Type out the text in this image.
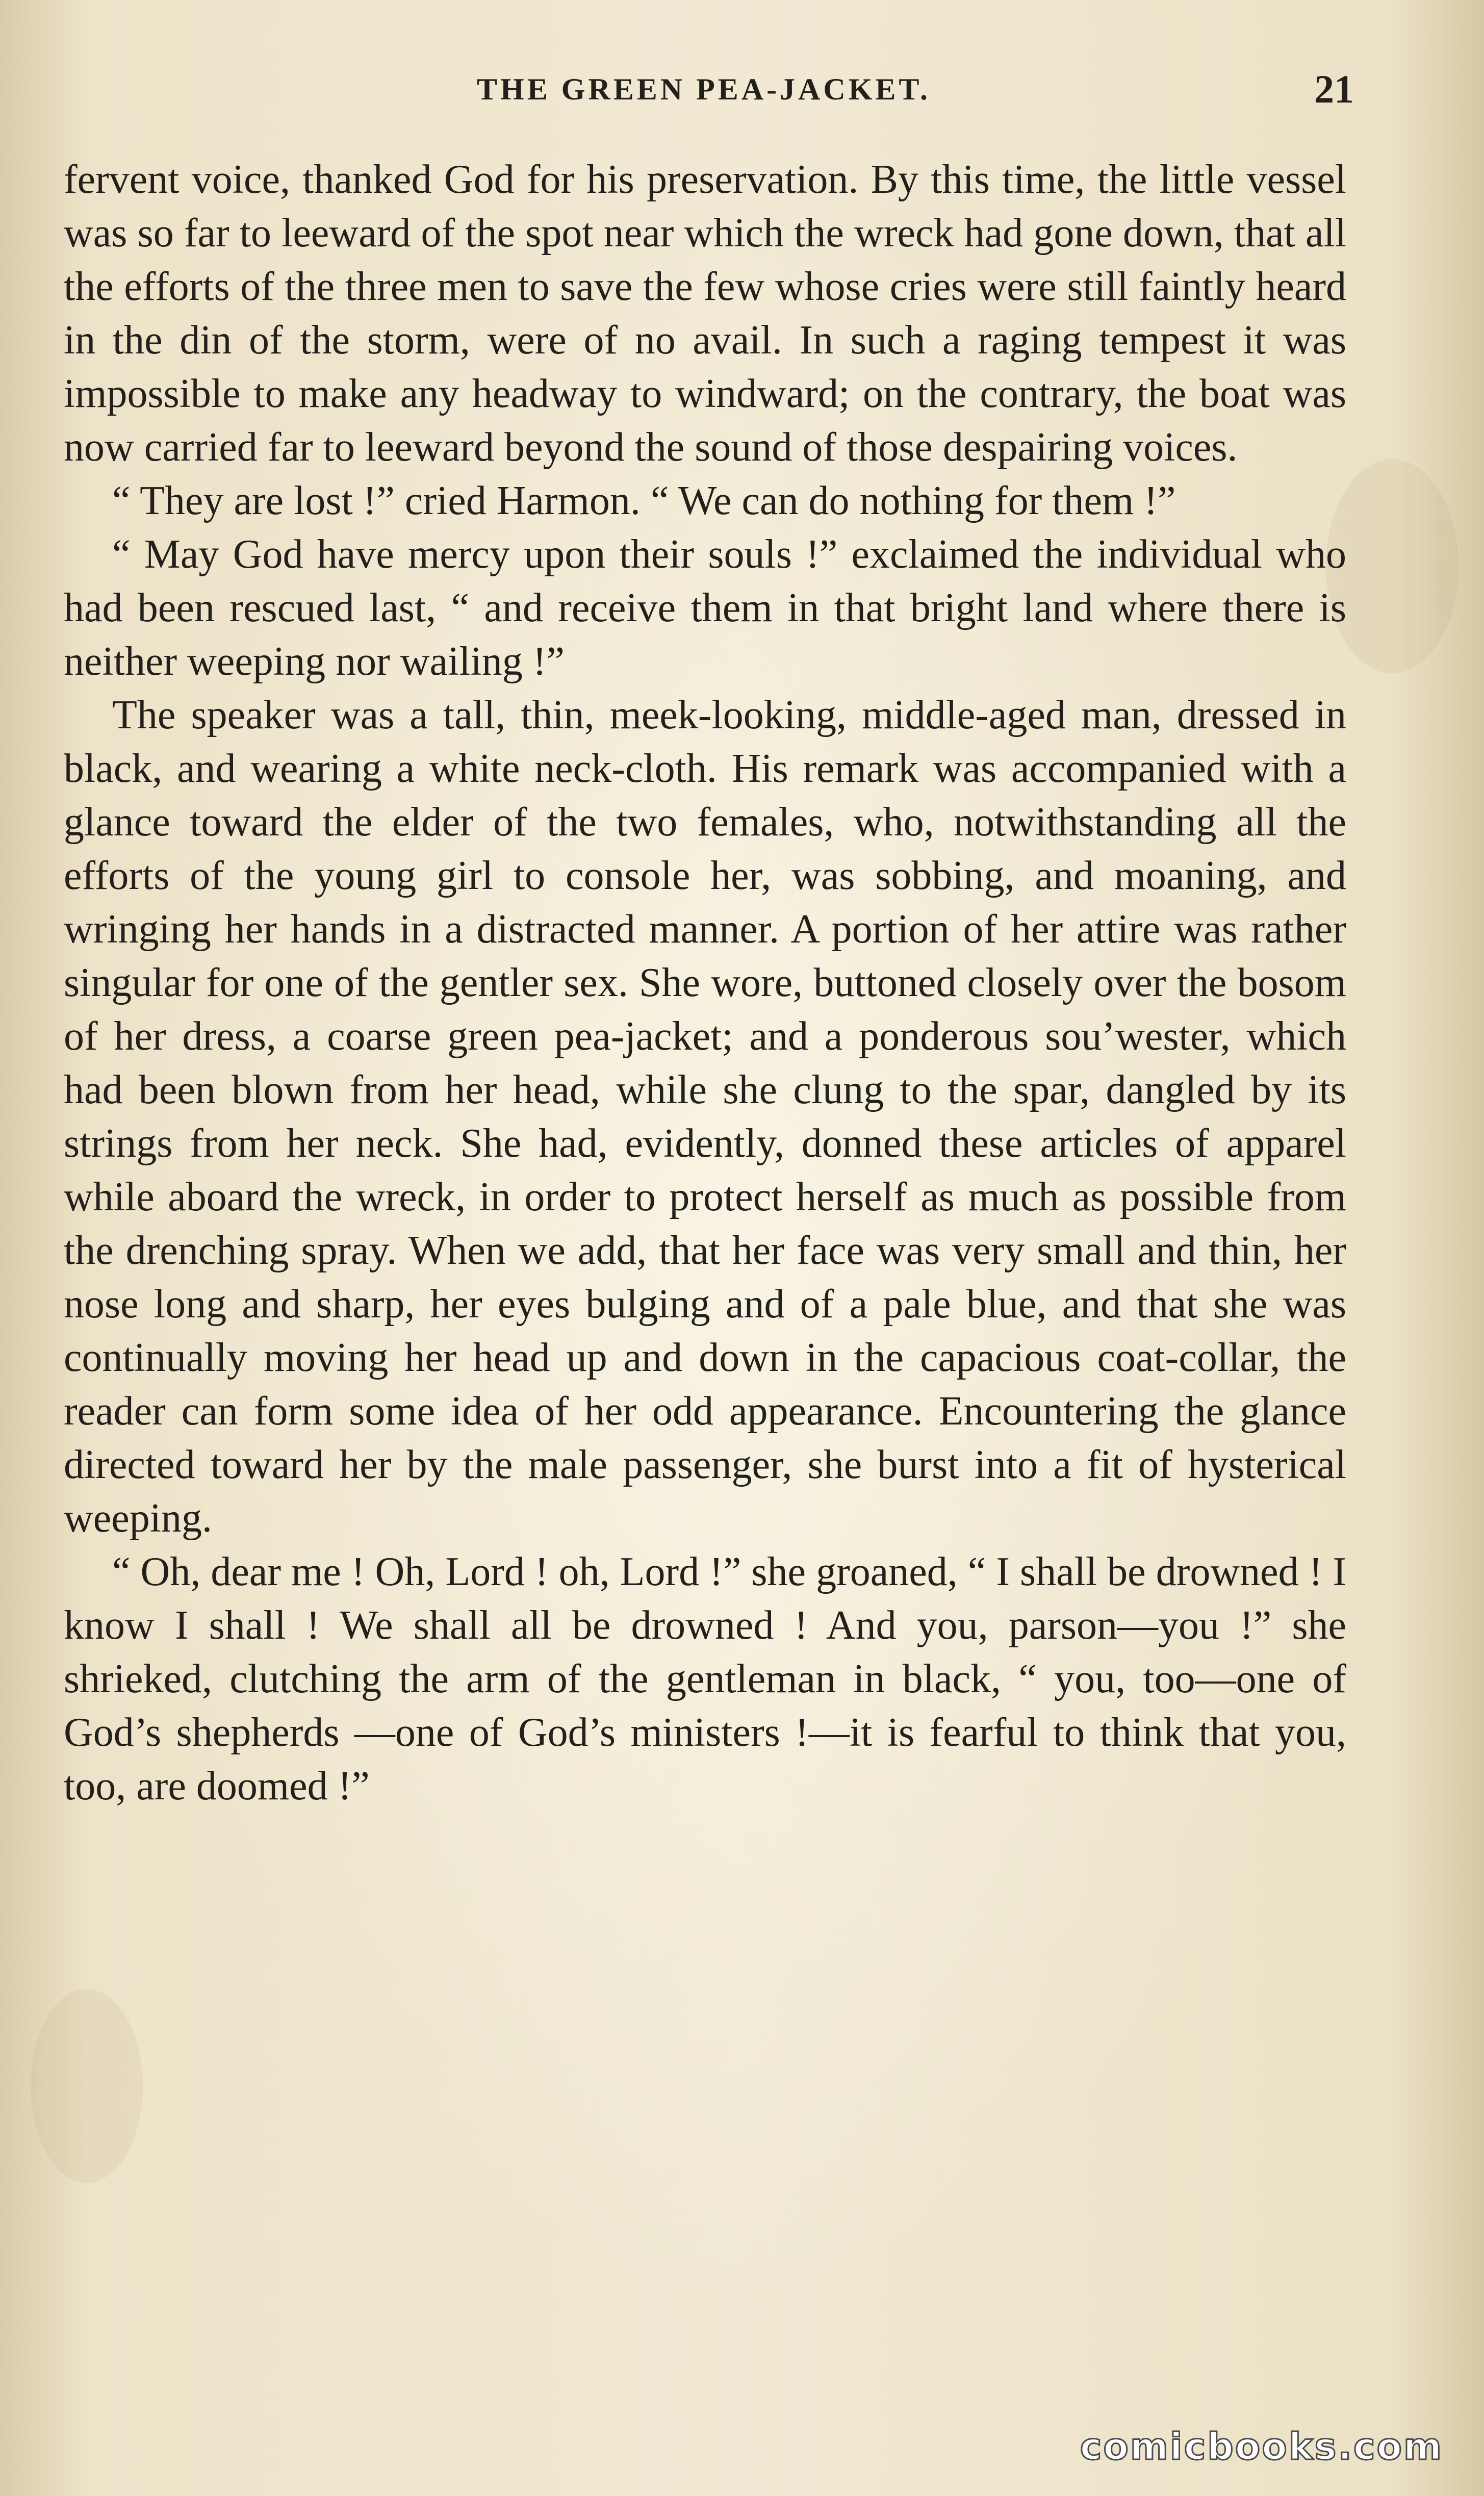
THE GREEN PEA-JACKET.	21

fervent voice, thanked God for his preservation. By this time, the little vessel was so far to leeward of the spot near which the wreck had gone down, that all the efforts of the three men to save the few whose cries were still faintly heard in the din of the storm, were of no avail. In such a raging tempest it was impossible to make any headway to windward; on the contrary, the boat was now carried far to leeward beyond the sound of those despairing voices.

“ They are lost !” cried Harmon. “ We can do nothing for them !”

“ May God have mercy upon their souls !” exclaimed the individual who had been rescued last, “ and receive them in that bright land where there is neither weeping nor wailing !”

The speaker was a tall, thin, meek-looking, middle-aged man, dressed in black, and wearing a white neck-cloth. His remark was accompanied with a glance toward the elder of the two females, who, notwithstanding all the efforts of the young girl to console her, was sobbing, and moaning, and wringing her hands in a distracted manner. A portion of her attire was rather singular for one of the gentler sex. She wore, buttoned closely over the bosom of her dress, a coarse green pea-jacket; and a ponderous sou’wester, which had been blown from her head, while she clung to the spar, dangled by its strings from her neck. She had, evidently, donned these articles of apparel while aboard the wreck, in order to protect herself as much as possible from the drenching spray. When we add, that her face was very small and thin, her nose long and sharp, her eyes bulging and of a pale blue, and that she was continually moving her head up and down in the capacious coat-collar, the reader can form some idea of her odd appearance. Encountering the glance directed toward her by the male passenger, she burst into a fit of hysterical weeping.

“ Oh, dear me ! Oh, Lord ! oh, Lord !” she groaned, “ I shall be drowned ! I know I shall ! We shall all be drowned ! And you, parson—you !” she shrieked, clutching the arm of the gentleman in black, “ you, too—one of God’s shepherds —one of God’s ministers !—it is fearful to think that you, too, are doomed !”

comicbooks.com
